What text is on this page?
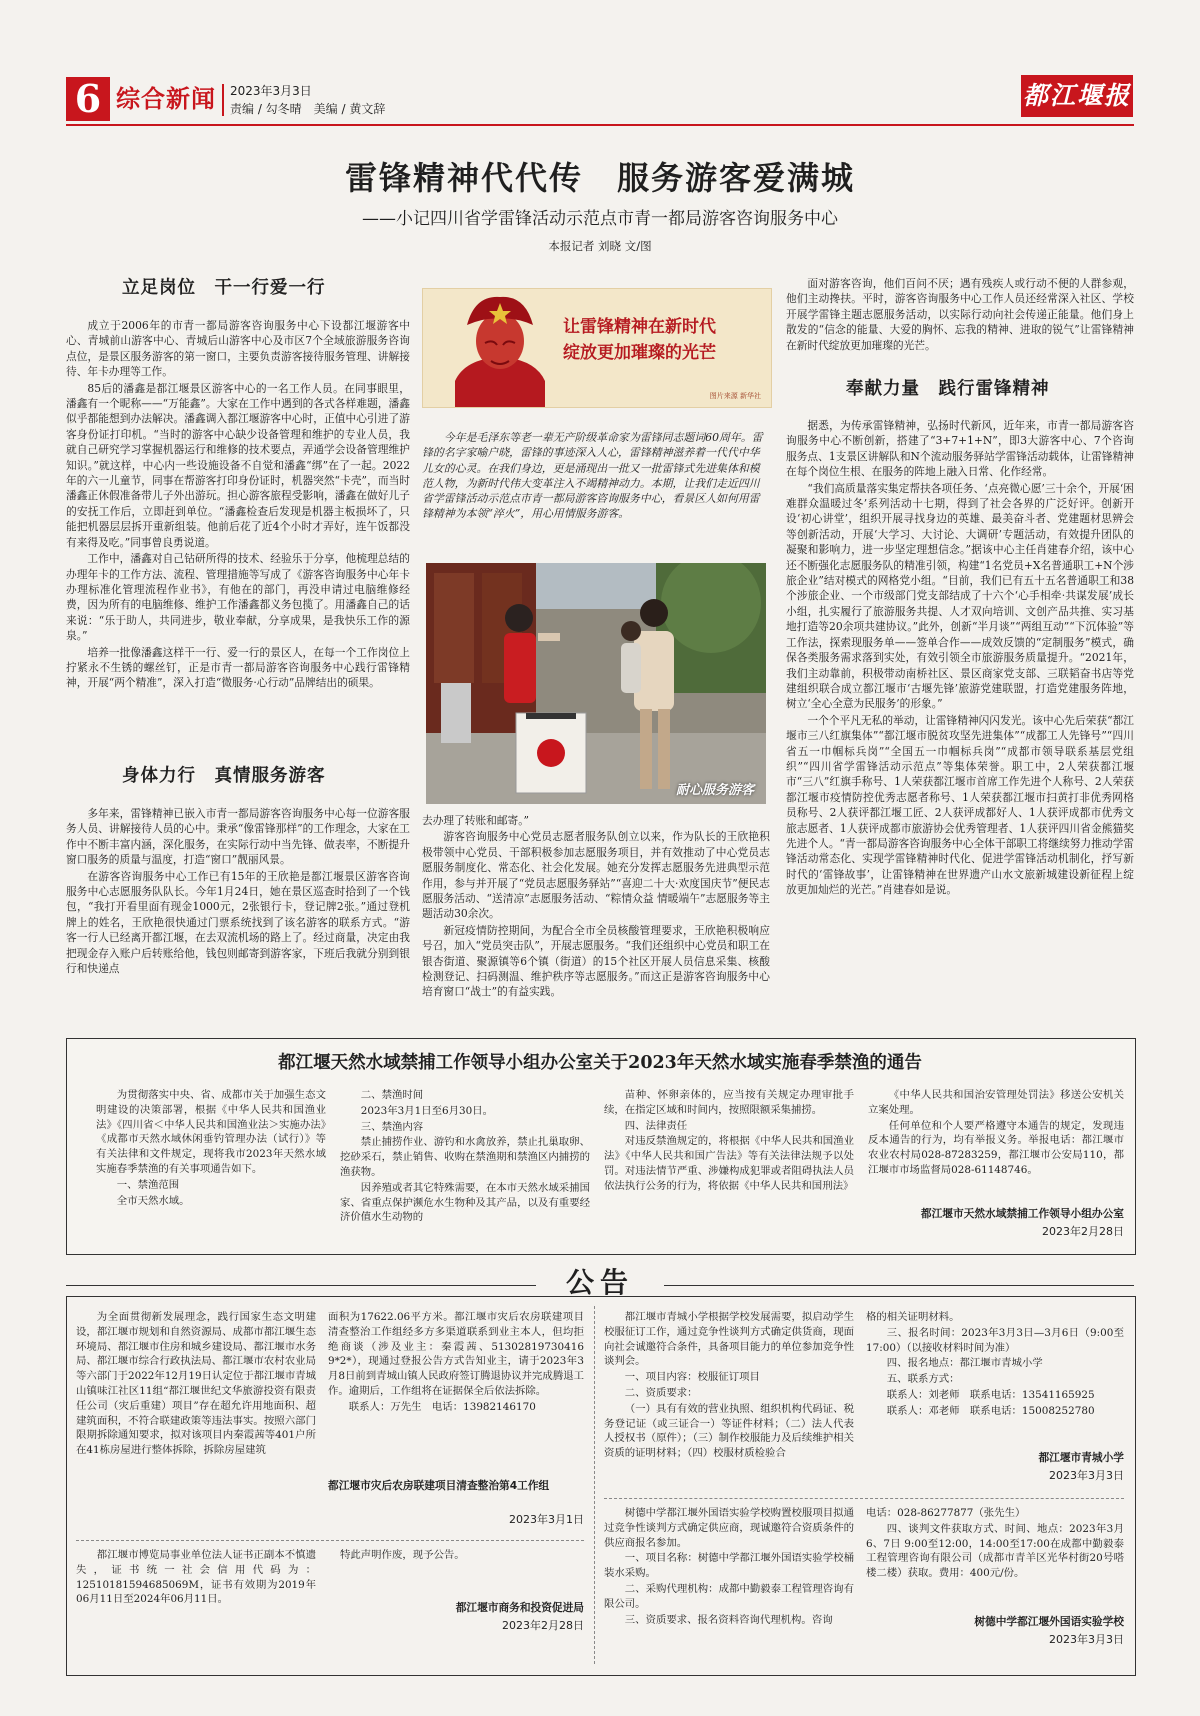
6 综合新闻 2023年3月3日
责编 / 勾冬晴　美编 / 黄文辞	都江堰报
雷锋精神代代传　服务游客爱满城
——小记四川省学雷锋活动示范点市青一都局游客咨询服务中心
本报记者 刘晓 文/图
立足岗位　干一行爱一行

成立于2006年的市青一都局游客咨询服务中心下设都江堰游客中心、青城前山游客中心、青城后山游客中心及市区7个全域旅游服务咨询点位，是景区服务游客的第一窗口，主要负责游客接待服务管理、讲解接待、年卡办理等工作。

85后的潘鑫是都江堰景区游客中心的一名工作人员。在同事眼里，潘鑫有一个昵称——“万能鑫”。大家在工作中遇到的各式各样难题，潘鑫似乎都能想到办法解决。潘鑫调入都江堰游客中心时，正值中心引进了游客身份证打印机。“当时的游客中心缺少设备管理和维护的专业人员，我就自己研究学习掌握机器运行和维修的技术要点，弄通学会设备管理维护知识。”就这样，中心内一些设施设备不自觉和潘鑫“绑”在了一起。2022年的六一儿童节，同事在帮游客打印身份证时，机器突然“卡壳”，而当时潘鑫正休假准备带儿子外出游玩。担心游客旅程受影响，潘鑫在做好儿子的安抚工作后，立即赶到单位。“潘鑫检查后发现是机器主板损坏了，只能把机器层层拆开重新组装。他前后花了近4个小时才弄好，连午饭都没有来得及吃。”同事曾良勇说道。

工作中，潘鑫对自己钻研所得的技术、经验乐于分享，他梳理总结的办理年卡的工作方法、流程、管理措施等写成了《游客咨询服务中心年卡办理标准化管理流程作业书》，有他在的部门，再没申请过电脑维修经费，因为所有的电脑维修、维护工作潘鑫都义务包揽了。用潘鑫自己的话来说：“乐于助人，共同进步，敬业奉献，分享成果，是我快乐工作的源泉。”

培养一批像潘鑫这样干一行、爱一行的景区人，在每一个工作岗位上拧紧永不生锈的螺丝钉，正是市青一都局游客咨询服务中心践行雷锋精神，开展“两个精准”，深入打造“微服务·心行动”品牌结出的硕果。

身体力行　真情服务游客

多年来，雷锋精神已嵌入市青一都局游客咨询服务中心每一位游客服务人员、讲解接待人员的心中。秉承“像雷锋那样”的工作理念，大家在工作中不断丰富内涵，深化服务，在实际行动中当先锋、做表率，不断提升窗口服务的质量与温度，打造“窗口”靓丽风景。

在游客咨询服务中心工作已有15年的王欣艳是都江堰景区游客咨询服务中心志愿服务队队长。今年1月24日，她在景区巡查时拾到了一个钱包，“我打开看里面有现金1000元，2张银行卡，登记牌2张。”通过登机牌上的姓名，王欣艳很快通过门票系统找到了该名游客的联系方式。“游客一行人已经离开都江堰，在去双流机场的路上了。经过商量，决定由我把现金存入账户后转账给他，钱包则邮寄到游客家，下班后我就分别到银行和快递点

让雷锋精神在新时代
绽放更加璀璨的光芒
图片来源 新华社
今年是毛泽东等老一辈无产阶级革命家为雷锋同志题词60周年。雷锋的名字家喻户晓，雷锋的事迹深入人心，雷锋精神滋养着一代代中华儿女的心灵。在我们身边，更是涌现出一批又一批雷锋式先进集体和模范人物，为新时代伟大变革注入不竭精神动力。本期，让我们走近四川省学雷锋活动示范点市青一都局游客咨询服务中心，看景区人如何用雷锋精神为本领“淬火”，用心用情服务游客。
耐心服务游客

去办理了转账和邮寄。”

游客咨询服务中心党员志愿者服务队创立以来，作为队长的王欣艳积极带领中心党员、干部积极参加志愿服务项目，并有效推动了中心党员志愿服务制度化、常态化、社会化发展。她充分发挥志愿服务先进典型示范作用，参与并开展了“党员志愿服务驿站”“喜迎二十大·欢度国庆节”便民志愿服务活动、“送清凉”志愿服务活动、“粽情众益 情暖端午”志愿服务等主题活动30余次。

新冠疫情防控期间，为配合全市全员核酸管理要求，王欣艳积极响应号召，加入“党员突击队”，开展志愿服务。“我们还组织中心党员和职工在银杏街道、聚源镇等6个镇（街道）的15个社区开展人员信息采集、核酸检测登记、扫码测温、维护秩序等志愿服务。”而这正是游客咨询服务中心培育窗口“战士”的有益实践。

面对游客咨询，他们百问不厌；遇有残疾人或行动不便的人群参观，他们主动搀扶。平时，游客咨询服务中心工作人员还经常深入社区、学校开展学雷锋主题志愿服务活动，以实际行动向社会传递正能量。他们身上散发的“信念的能量、大爱的胸怀、忘我的精神、进取的锐气”让雷锋精神在新时代绽放更加璀璨的光芒。

奉献力量　践行雷锋精神

据悉，为传承雷锋精神，弘扬时代新风，近年来，市青一都局游客咨询服务中心不断创新，搭建了“3+7+1+N”，即3大游客中心、7个咨询服务点、1支景区讲解队和N个流动服务驿站学雷锋活动载体，让雷锋精神在每个岗位生根、在服务的阵地上融入日常、化作经常。

“我们高质量落实集定帮扶各项任务、‘点亮微心愿’三十余个，开展‘困难群众温暖过冬’系列活动十七期，得到了社会各界的广泛好评。创新开设‘初心讲堂’，组织开展寻找身边的英雄、最美奋斗者、党建题材思辨会等创新活动，开展‘大学习、大讨论、大调研’专题活动，有效提升团队的凝聚和影响力，进一步坚定理想信念。”据该中心主任肖建春介绍，该中心还不断强化志愿服务队的精准引领，构建“1名党员+X名普通职工+N个涉旅企业”结对模式的网格党小组。“目前，我们已有五十五名普通职工和38个涉旅企业、一个市级部门党支部结成了十六个‘心手相牵·共谋发展’成长小组，扎实履行了旅游服务共提、人才双向培训、文创产品共推、实习基地打造等20余项共建协议。”此外，创新“半月谈”“两组互动”“下沉体验”等工作法，探索现服务单——签单合作——成效反馈的“定制服务”模式，确保各类服务需求落到实处，有效引领全市旅游服务质量提升。“2021年，我们主动靠前，积极带动南桥社区、景区商家党支部、三联韬奋书店等党建组织联合成立都江堰市‘古堰先锋’旅游党建联盟，打造党建服务阵地，树立‘全心全意为民服务’的形象。”

一个个平凡无私的举动，让雷锋精神闪闪发光。该中心先后荣获“都江堰市三八红旗集体”“都江堰市脱贫攻坚先进集体”“成都工人先锋号”“四川省五一巾帼标兵岗”“全国五一巾帼标兵岗”“成都市领导联系基层党组织”“四川省学雷锋活动示范点”等集体荣誉。职工中，2人荣获都江堰市“三八”红旗手称号、1人荣获都江堰市首席工作先进个人称号、2人荣获都江堰市疫情防控优秀志愿者称号、1人荣获都江堰市扫黄打非优秀网格员称号、2人获评都江堰工匠、2人获评成都好人、1人获评成都市优秀文旅志愿者、1人获评成都市旅游协会优秀管理者、1人获评四川省金熊猫奖先进个人。“青一都局游客咨询服务中心全体干部职工将继续努力推动学雷锋活动常态化、实现学雷锋精神时代化、促进学雷锋活动机制化，抒写新时代的‘雷锋故事’，让雷锋精神在世界遗产山水文旅新城建设新征程上绽放更加灿烂的光芒。”肖建春如是说。

都江堰天然水域禁捕工作领导小组办公室关于2023年天然水域实施春季禁渔的通告

为贯彻落实中央、省、成都市关于加强生态文明建设的决策部署，根据《中华人民共和国渔业法》《四川省＜中华人民共和国渔业法＞实施办法》《成都市天然水域休闲垂钓管理办法（试行）》等有关法律和文件规定，现将我市2023年天然水域实施春季禁渔的有关事项通告如下。

一、禁渔范围

全市天然水域。

二、禁渔时间

2023年3月1日至6月30日。

三、禁渔内容

禁止捕捞作业、游钓和水禽放养，禁止扎巢取卵、挖砂采石，禁止销售、收购在禁渔期和禁渔区内捕捞的渔获物。

因养殖或者其它特殊需要，在本市天然水域采捕国家、省重点保护濒危水生物种及其产品，以及有重要经济价值水生动物的

苗种、怀卵亲体的，应当按有关规定办理审批手续，在指定区域和时间内，按照限额采集捕捞。

四、法律责任

对违反禁渔规定的，将根据《中华人民共和国渔业法》《中华人民共和国广告法》等有关法律法规予以处罚。对违法情节严重、涉嫌构成犯罪或者阻碍执法人员依法执行公务的行为，将依据《中华人民共和国刑法》

《中华人民共和国治安管理处罚法》移送公安机关立案处理。

任何单位和个人要严格遵守本通告的规定，发现违反本通告的行为，均有举报义务。举报电话：都江堰市农业农村局028-87283259，都江堰市公安局110，都江堰市市场监督局028-61148746。

都江堰市天然水域禁捕工作领导小组办公室
2023年2月28日
公告

为全面贯彻新发展理念，践行国家生态文明建设，都江堰市规划和自然资源局、成都市都江堰生态环境局、都江堰市住房和城乡建设局、都江堰市水务局、都江堰市综合行政执法局、都江堰市农村农业局等六部门于2022年12月19日认定位于都江堰市青城山镇味江社区11组“都江堰世纪文华旅游投资有限责任公司（灾后重建）项目”存在超允许用地面积、超建筑面积，不符合联建政策等违法事实。按照六部门限期拆除通知要求，拟对该项目内秦霞茜等401户所在41栋房屋进行整体拆除，拆除房屋建筑

面积为17622.06平方米。都江堰市灾后农房联建项目清查整治工作组经多方多渠道联系到业主本人，但均拒绝商谈（涉及业主：秦霞茜、51302819730416 9*2*），现通过登报公告方式告知业主，请于2023年3月8日前到青城山镇人民政府签订腾退协议并完成腾退工作。逾期后，工作组将在证据保全后依法拆除。

联系人：万先生　电话：13982146170

都江堰市灾后农房联建项目清查整治第4工作组
2023年3月1日

都江堰市博览局事业单位法人证书正副本不慎遗失，证书统一社会信用代码为：12510181594685069M，证书有效期为2019年06月11日至2024年06月11日。

特此声明作废，现予公告。

都江堰市商务和投资促进局
2023年2月28日

都江堰市青城小学根据学校发展需要，拟启动学生校服征订工作，通过竞争性谈判方式确定供货商，现面向社会诚邀符合条件，具备项目能力的单位参加竞争性谈判会。

一、项目内容：校服征订项目

二、资质要求：

（一）具有有效的营业执照、组织机构代码证、税务登记证（或三证合一）等证件材料；（二）法人代表人授权书（原件）；（三）制作校服能力及后续维护相关资质的证明材料；（四）校服材质检验合

格的相关证明材料。

三、报名时间：2023年3月3日—3月6日（9:00至17:00）（以接收材料时间为准）

四、报名地点：都江堰市青城小学

五、联系方式：

联系人：刘老师　联系电话：13541165925

联系人：邓老师　联系电话：15008252780

都江堰市青城小学
2023年3月3日

树德中学都江堰外国语实验学校购置校服项目拟通过竞争性谈判方式确定供应商，现诚邀符合资质条件的供应商报名参加。

一、项目名称：树德中学都江堰外国语实验学校桶装水采购。

二、采购代理机构：成都中勤毅泰工程管理咨询有限公司。

三、资质要求、报名资料咨询代理机构。咨询

电话：028-86277877（张先生）

四、谈判文件获取方式、时间、地点：2023年3月6、7日 9:00至12:00，14:00至17:00在成都中勤毅泰工程管理咨询有限公司（成都市青羊区光华村街20号嗒楼二楼）获取。费用：400元/份。

树德中学都江堰外国语实验学校
2023年3月3日
